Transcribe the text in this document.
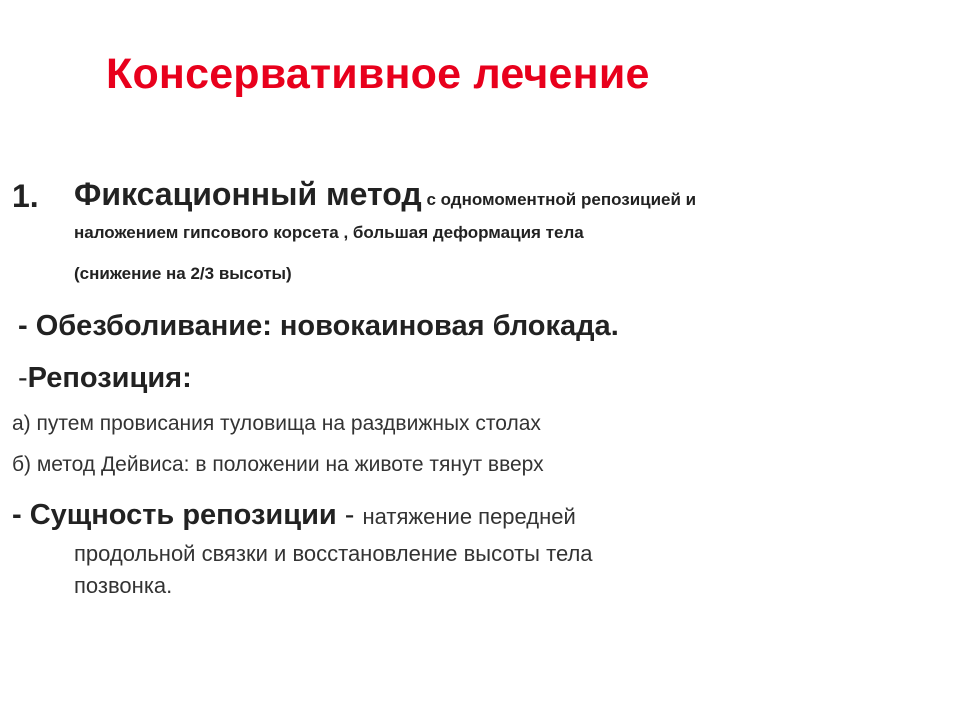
Консервативное лечение
1. Фиксационный метод с одномоментной репозицией и
наложением гипсового корсета , большая деформация тела
(снижение на 2/3 высоты)
- Обезболивание: новокаиновая блокада.
-Репозиция:
а) путем провисания туловища на раздвижных столах
б) метод Дейвиса: в положении на животе тянут вверх
- Сущность репозиции - натяжение передней
продольной связки и восстановление высоты тела
позвонка.
